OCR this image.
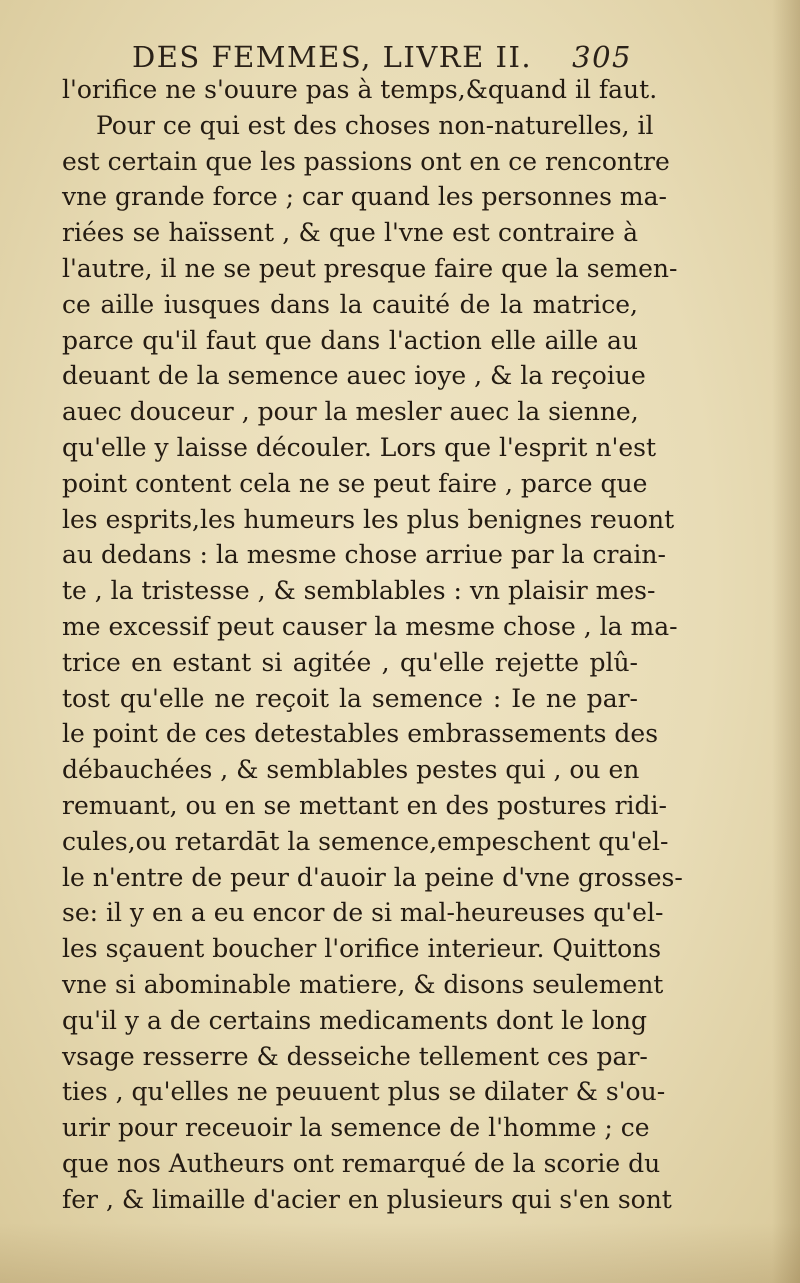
DES FEMMES, LIVRE II. 305
l'orifice ne s'ouure pas à temps,&quand il faut.
Pour ce qui est des choses non-naturelles, il
est certain que les passions ont en ce rencontre
vne grande force ; car quand les personnes ma-
riées se haïssent , & que l'vne est contraire à
l'autre, il ne se peut presque faire que la semen-
ce aille iusques dans la cauité de la matrice,
parce qu'il faut que dans l'action elle aille au
deuant de la semence auec ioye , & la reçoiue
auec douceur , pour la mesler auec la sienne,
qu'elle y laisse découler. Lors que l'esprit n'est
point content cela ne se peut faire , parce que
les esprits,les humeurs les plus benignes reuont
au dedans : la mesme chose arriue par la crain-
te , la tristesse , & semblables : vn plaisir mes-
me excessif peut causer la mesme chose , la ma-
trice en estant si agitée , qu'elle rejette plû-
tost qu'elle ne reçoit la semence : Ie ne par-
le point de ces detestables embrassements des
débauchées , & semblables pestes qui , ou en
remuant, ou en se mettant en des postures ridi-
cules,ou retardāt la semence,empeschent qu'el-
le n'entre de peur d'auoir la peine d'vne grosses-
se: il y en a eu encor de si mal-heureuses qu'el-
les sçauent boucher l'orifice interieur. Quittons
vne si abominable matiere, & disons seulement
qu'il y a de certains medicaments dont le long
vsage resserre & desseiche tellement ces par-
ties , qu'elles ne peuuent plus se dilater & s'ou-
urir pour receuoir la semence de l'homme ; ce
que nos Autheurs ont remarqué de la scorie du
fer , & limaille d'acier en plusieurs qui s'en sont
